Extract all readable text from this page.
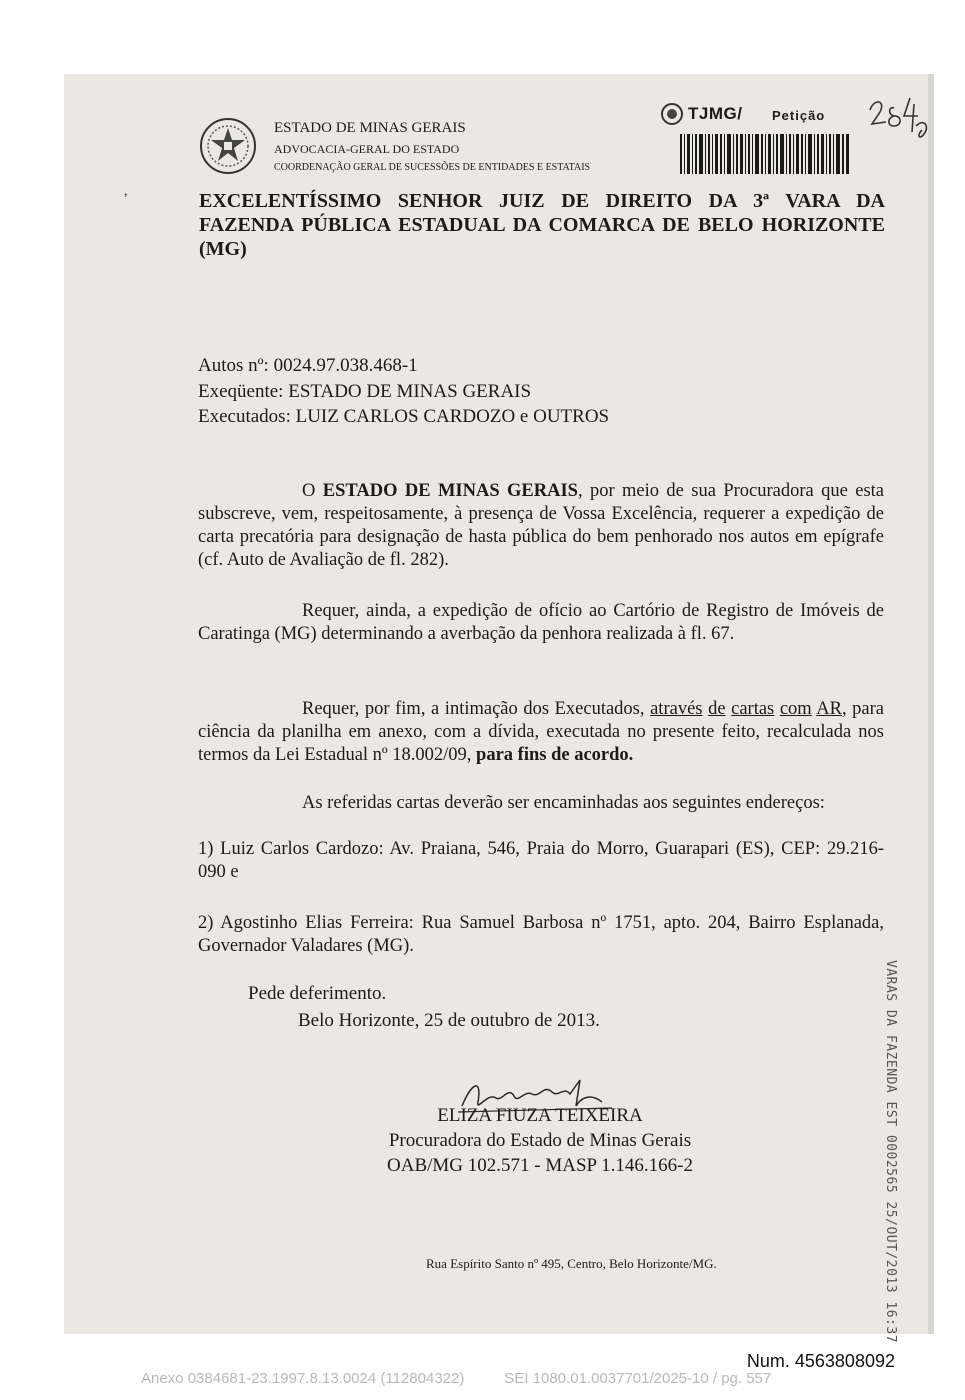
ESTADO DE MINAS GERAIS
ADVOCACIA-GERAL DO ESTADO
COORDENAÇÃO GERAL DE SUCESSÕES DE ENTIDADES E ESTATAIS
TJMG/ Petição
,	EXCELENTÍSSIMO SENHOR JUIZ DE DIREITO DA 3ª VARA DA FAZENDA PÚBLICA ESTADUAL DA COMARCA DE BELO HORIZONTE (MG)
Autos nº: 0024.97.038.468-1
Exeqüente: ESTADO DE MINAS GERAIS
Executados: LUIZ CARLOS CARDOZO e OUTROS
O ESTADO DE MINAS GERAIS, por meio de sua Procuradora que esta subscreve, vem, respeitosamente, à presença de Vossa Excelência, requerer a expedição de carta precatória para designação de hasta pública do bem penhorado nos autos em epígrafe (cf. Auto de Avaliação de fl. 282).
Requer, ainda, a expedição de ofício ao Cartório de Registro de Imóveis de Caratinga (MG) determinando a averbação da penhora realizada à fl. 67.
Requer, por fim, a intimação dos Executados, através de cartas com AR, para ciência da planilha em anexo, com a dívida, executada no presente feito, recalculada nos termos da Lei Estadual nº 18.002/09, para fins de acordo.
As referidas cartas deverão ser encaminhadas aos seguintes endereços:
1) Luiz Carlos Cardozo: Av. Praiana, 546, Praia do Morro, Guarapari (ES), CEP: 29.216-090 e
2) Agostinho Elias Ferreira: Rua Samuel Barbosa nº 1751, apto. 204, Bairro Esplanada, Governador Valadares (MG).
Pede deferimento.
Belo Horizonte, 25 de outubro de 2013.
ELIZA FIUZA TEIXEIRA
Procuradora do Estado de Minas Gerais
OAB/MG 102.571 - MASP 1.146.166-2
Rua Espírito Santo nº 495, Centro, Belo Horizonte/MG.	VARAS DA FAZENDA EST 0002565 25/OUT/2013 16:37
Num. 4563808092
Anexo 0384681-23.1997.8.13.0024 (112804322)	SEI 1080.01.0037701/2025-10 / pg. 557
